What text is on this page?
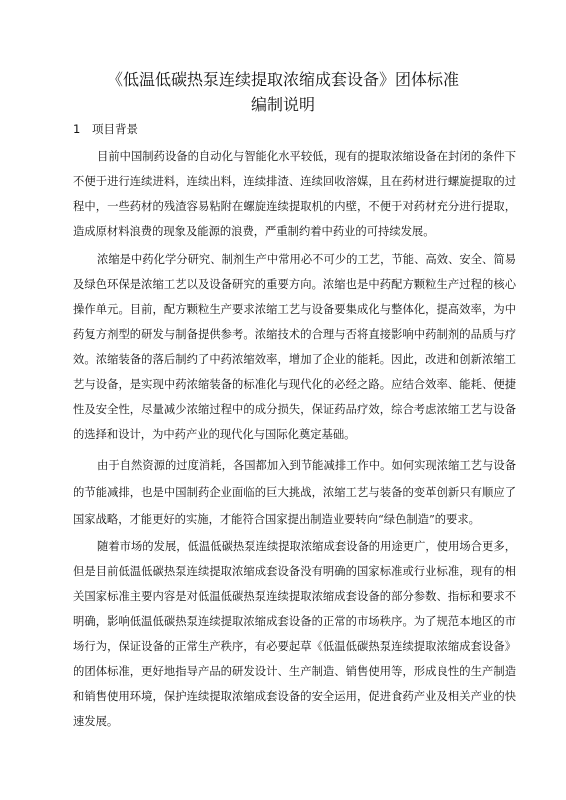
《低温低碳热泵连续提取浓缩成套设备》团体标准
编制说明
1 项目背景
目前中国制药设备的自动化与智能化水平较低，现有的提取浓缩设备在封闭的条件下
不便于进行连续进料，连续出料，连续排渣、连续回收溶媒，且在药材进行螺旋提取的过
程中，一些药材的残渣容易粘附在螺旋连续提取机的内壁，不便于对药材充分进行提取，
造成原材料浪费的现象及能源的浪费，严重制约着中药业的可持续发展。
浓缩是中药化学分研究、制剂生产中常用必不可少的工艺，节能、高效、安全、简易
及绿色环保是浓缩工艺以及设备研究的重要方向。浓缩也是中药配方颗粒生产过程的核心
操作单元。目前，配方颗粒生产要求浓缩工艺与设备要集成化与整体化，提高效率，为中
药复方剂型的研发与制备提供参考。浓缩技术的合理与否将直接影响中药制剂的品质与疗
效。浓缩装备的落后制约了中药浓缩效率，增加了企业的能耗。因此，改进和创新浓缩工
艺与设备，是实现中药浓缩装备的标准化与现代化的必经之路。应结合效率、能耗、便捷
性及安全性，尽量减少浓缩过程中的成分损失，保证药品疗效，综合考虑浓缩工艺与设备
的选择和设计，为中药产业的现代化与国际化奠定基础。
由于自然资源的过度消耗，各国都加入到节能减排工作中。如何实现浓缩工艺与设备
的节能减排，也是中国制药企业面临的巨大挑战，浓缩工艺与装备的变革创新只有顺应了
国家战略，才能更好的实施，才能符合国家提出制造业要转向“绿色制造”的要求。
随着市场的发展，低温低碳热泵连续提取浓缩成套设备的用途更广，使用场合更多，
但是目前低温低碳热泵连续提取浓缩成套设备没有明确的国家标准或行业标准，现有的相
关国家标准主要内容是对低温低碳热泵连续提取浓缩成套设备的部分参数、指标和要求不
明确，影响低温低碳热泵连续提取浓缩成套设备的正常的市场秩序。为了规范本地区的市
场行为，保证设备的正常生产秩序，有必要起草《低温低碳热泵连续提取浓缩成套设备》
的团体标准，更好地指导产品的研发设计、生产制造、销售使用等，形成良性的生产制造
和销售使用环境，保护连续提取浓缩成套设备的安全运用，促进食药产业及相关产业的快
速发展。
